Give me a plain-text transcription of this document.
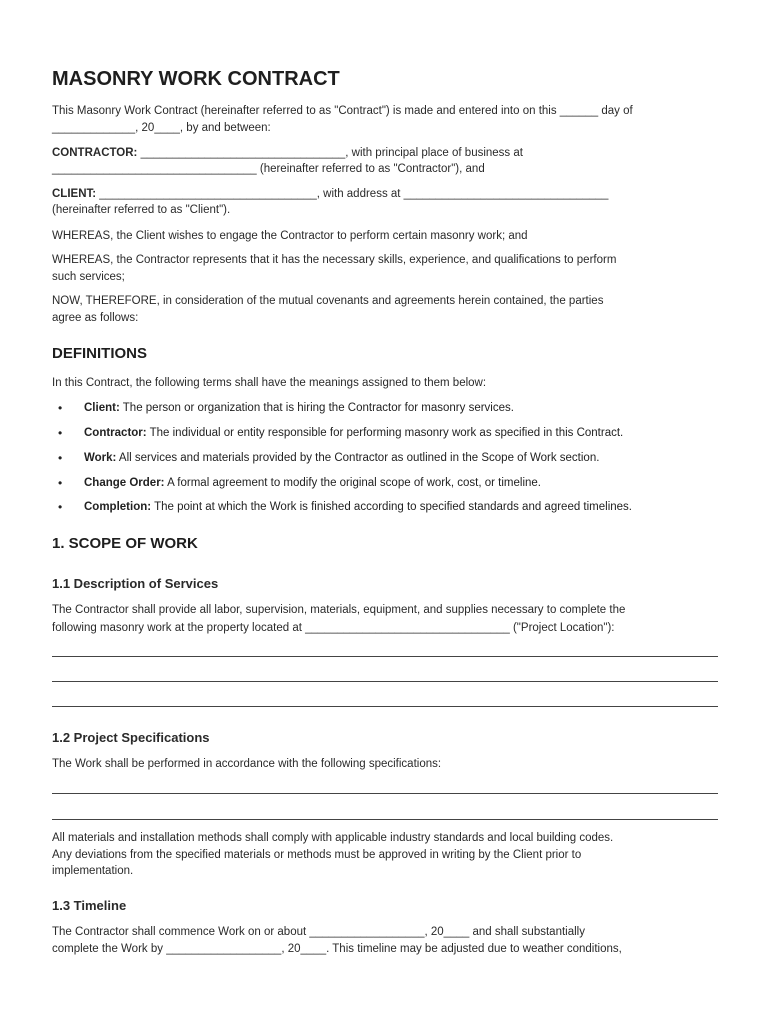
MASONRY WORK CONTRACT

This Masonry Work Contract (hereinafter referred to as "Contract") is made and entered into on this ______ day of

_____________, 20____, by and between:

CONTRACTOR: ________________________________, with principal place of business at

________________________________ (hereinafter referred to as "Contractor"), and

CLIENT: __________________________________, with address at ________________________________

(hereinafter referred to as "Client").

WHEREAS, the Client wishes to engage the Contractor to perform certain masonry work; and

WHEREAS, the Contractor represents that it has the necessary skills, experience, and qualifications to perform

such services;

NOW, THEREFORE, in consideration of the mutual covenants and agreements herein contained, the parties

agree as follows:

DEFINITIONS

In this Contract, the following terms shall have the meanings assigned to them below:

• Client: The person or organization that is hiring the Contractor for masonry services.
• Contractor: The individual or entity responsible for performing masonry work as specified in this Contract.
• Work: All services and materials provided by the Contractor as outlined in the Scope of Work section.
• Change Order: A formal agreement to modify the original scope of work, cost, or timeline.
• Completion: The point at which the Work is finished according to specified standards and agreed timelines.
1. SCOPE OF WORK
1.1 Description of Services

The Contractor shall provide all labor, supervision, materials, equipment, and supplies necessary to complete the

following masonry work at the property located at ________________________________ ("Project Location"):

1.2 Project Specifications

The Work shall be performed in accordance with the following specifications:

All materials and installation methods shall comply with applicable industry standards and local building codes.

Any deviations from the specified materials or methods must be approved in writing by the Client prior to

implementation.

1.3 Timeline

The Contractor shall commence Work on or about __________________, 20____ and shall substantially

complete the Work by __________________, 20____. This timeline may be adjusted due to weather conditions,
